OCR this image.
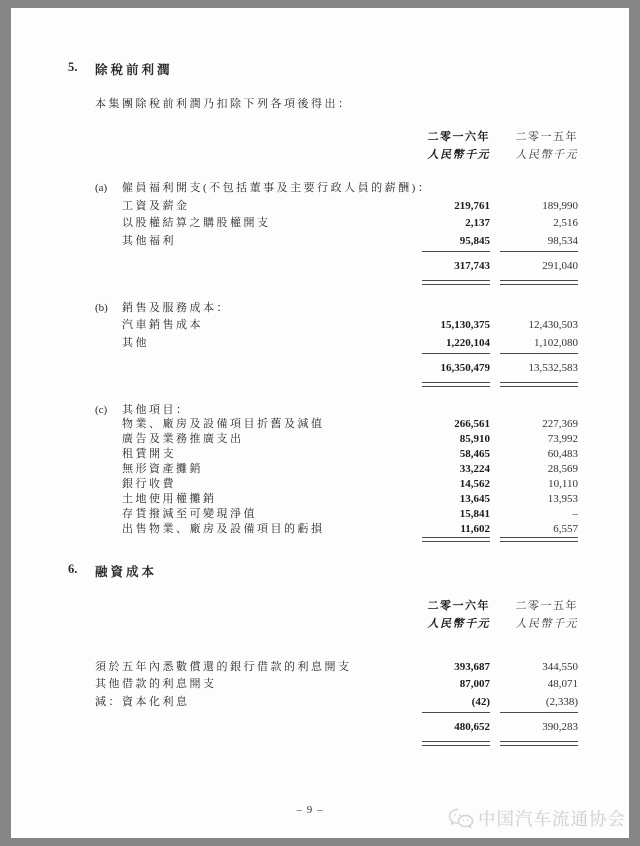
5.	除稅前利潤
本集團除稅前利潤乃扣除下列各項後得出：
二零一六年	二零一五年
人民幣千元	人民幣千元
(a)	僱員福利開支(不包括董事及主要行政人員的薪酬)：
工資及薪金	219,761	189,990
以股權結算之購股權開支	2,137	2,516
其他福利	95,845	98,534
317,743	291,040
(b)	銷售及服務成本：
汽車銷售成本	15,130,375	12,430,503
其他	1,220,104	1,102,080
16,350,479	13,532,583
(c)	其他項目：
物業、廠房及設備項目折舊及減值	266,561	227,369
廣告及業務推廣支出	85,910	73,992
租賃開支	58,465	60,483
無形資產攤銷	33,224	28,569
銀行收費	14,562	10,110
土地使用權攤銷	13,645	13,953
存貨撥減至可變現淨值	15,841	–
出售物業、廠房及設備項目的虧損	11,602	6,557
6.	融資成本
二零一六年	二零一五年
人民幣千元	人民幣千元
須於五年內悉數償還的銀行借款的利息開支	393,687	344,550
其他借款的利息開支	87,007	48,071
減：資本化利息	(42)	(2,338)
480,652	390,283
– 9 –	中国汽车流通协会
